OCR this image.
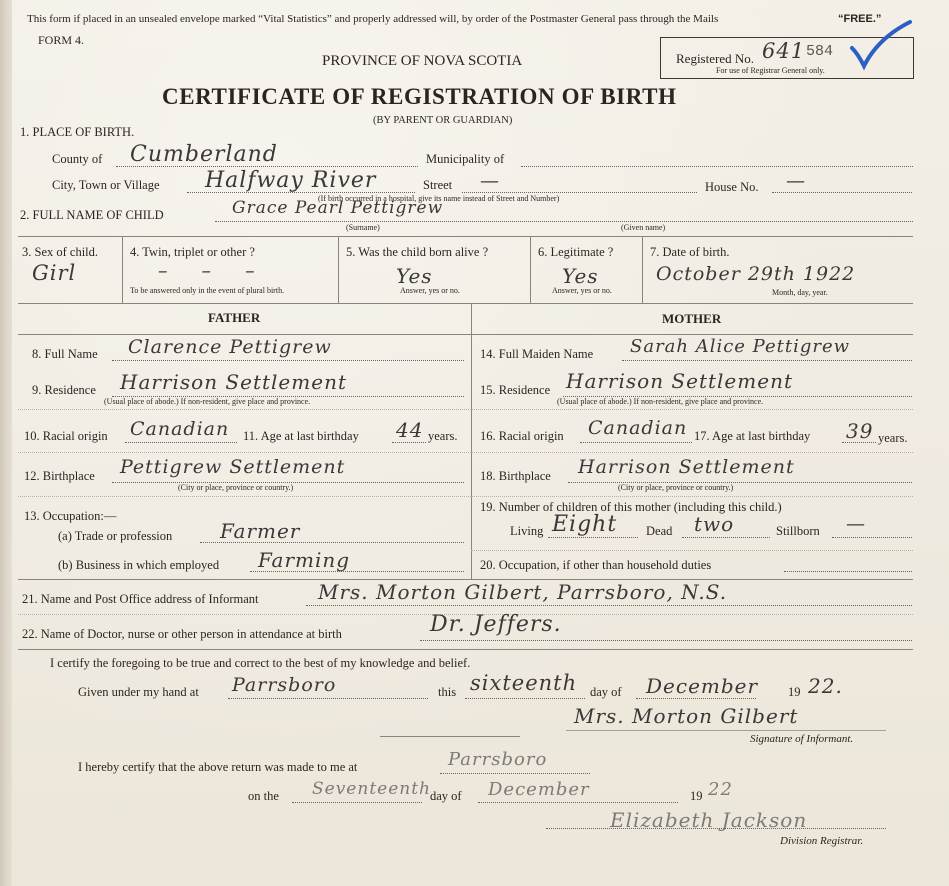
This form if placed in an unsealed envelope marked “Vital Statistics” and properly addressed will, by order of the Postmaster General pass through the Mails	“FREE.”
FORM 4.
PROVINCE OF NOVA SCOTIA
CERTIFICATE OF REGISTRATION OF BIRTH
(BY PARENT OR GUARDIAN)
Registered No. 641 584
For use of Registrar General only.
1. PLACE OF BIRTH.
County of Cumberland	Municipality of
City, Town or Village Halfway River	Street —
(If birth occurred in a hospital, give its name instead of Street and Number)
House No. —
2. FULL NAME OF CHILD	Grace Pearl Pettigrew
(Surname)	(Given name)
3. Sex of child.
Girl
4. Twin, triplet or other ?
– – –
To be answered only in the event of plural birth.
5. Was the child born alive ?
Yes
Answer, yes or no.
6. Legitimate ?
Yes
Answer, yes or no.
7. Date of birth.
October 29th 1922
Month, day, year.
FATHER	MOTHER
8. Full Name Clarence Pettigrew
9. Residence Harrison Settlement
(Usual place of abode.) If non-resident, give place and province.
10. Racial origin Canadian 11. Age at last birthday 44 years.
12. Birthplace Pettigrew Settlement
(City or place, province or country.)
13. Occupation:—
(a) Trade or profession Farmer
(b) Business in which employed Farming
14. Full Maiden Name Sarah Alice Pettigrew
15. Residence Harrison Settlement
(Usual place of abode.) If non-resident, give place and province.
16. Racial origin Canadian 17. Age at last birthday 39 years.
18. Birthplace Harrison Settlement
(City or place, province or country.)
19. Number of children of this mother (including this child.)
Living Eight Dead two	Stillborn —
20. Occupation, if other than household duties
21. Name and Post Office address of Informant	Mrs. Morton Gilbert, Parrsboro, N.S.
22. Name of Doctor, nurse or other person in attendance at birth	Dr. Jeffers.
I certify the foregoing to be true and correct to the best of my knowledge and belief.
Given under my hand at Parrsboro	this sixteenth day of December 19 22.
Mrs. Morton Gilbert
Signature of Informant.
I hereby certify that the above return was made to me at	Parrsboro
on the Seventeenth
day of December	19 22
Elizabeth Jackson
Division Registrar.
